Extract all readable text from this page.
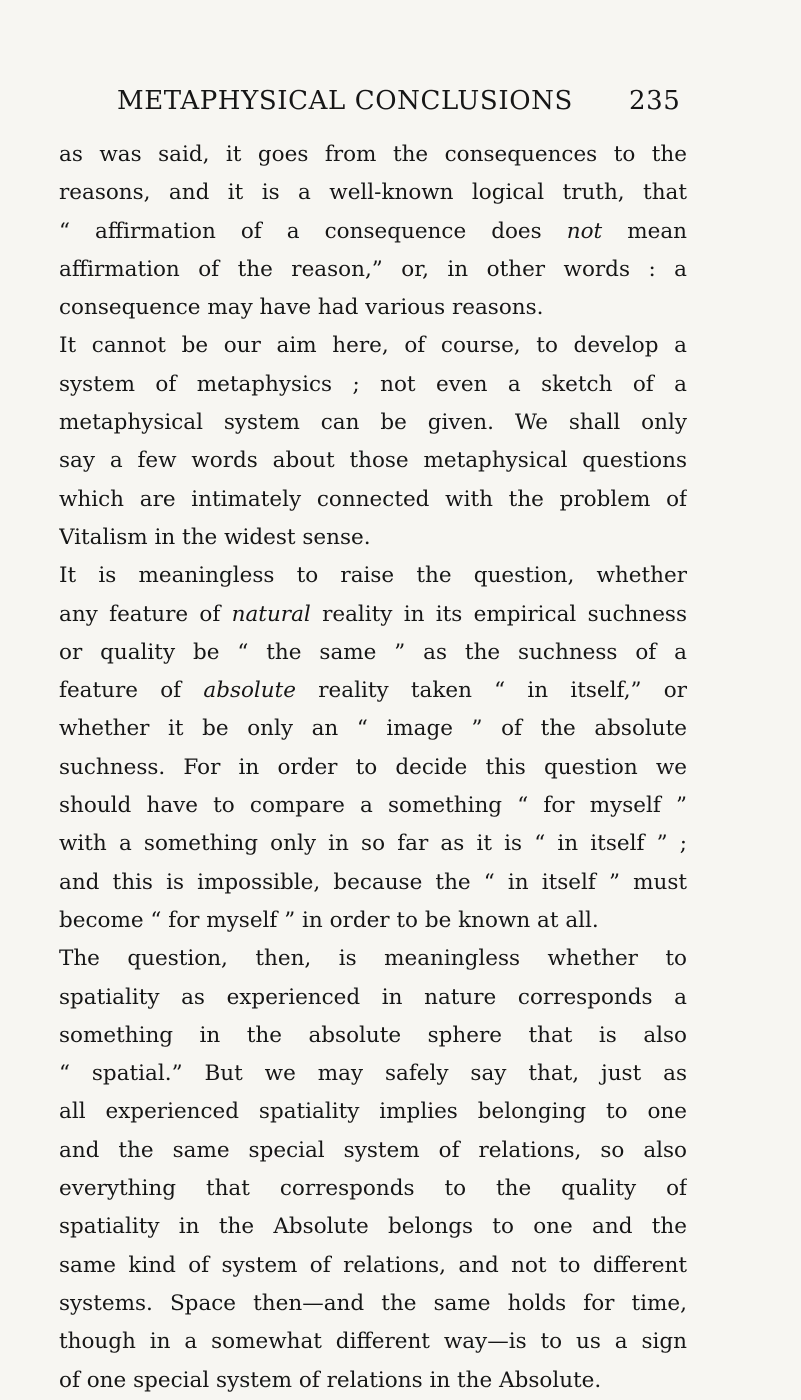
METAPHYSICAL CONCLUSIONS 235
as was said, it goes from the consequences to the
reasons, and it is a well-known logical truth, that
“ affirmation of a consequence does not mean
affirmation of the reason,” or, in other words : a
consequence may have had various reasons.
It cannot be our aim here, of course, to develop a
system of metaphysics ; not even a sketch of a
metaphysical system can be given. We shall only
say a few words about those metaphysical questions
which are intimately connected with the problem of
Vitalism in the widest sense.
It is meaningless to raise the question, whether
any feature of natural reality in its empirical suchness
or quality be “ the same ” as the suchness of a
feature of absolute reality taken “ in itself,” or
whether it be only an “ image ” of the absolute
suchness. For in order to decide this question we
should have to compare a something “ for myself ”
with a something only in so far as it is “ in itself ” ;
and this is impossible, because the “ in itself ” must
become “ for myself ” in order to be known at all.
The question, then, is meaningless whether to
spatiality as experienced in nature corresponds a
something in the absolute sphere that is also
“ spatial.” But we may safely say that, just as
all experienced spatiality implies belonging to one
and the same special system of relations, so also
everything that corresponds to the quality of
spatiality in the Absolute belongs to one and the
same kind of system of relations, and not to different
systems. Space then—and the same holds for time,
though in a somewhat different way—is to us a sign
of one special system of relations in the Absolute.
